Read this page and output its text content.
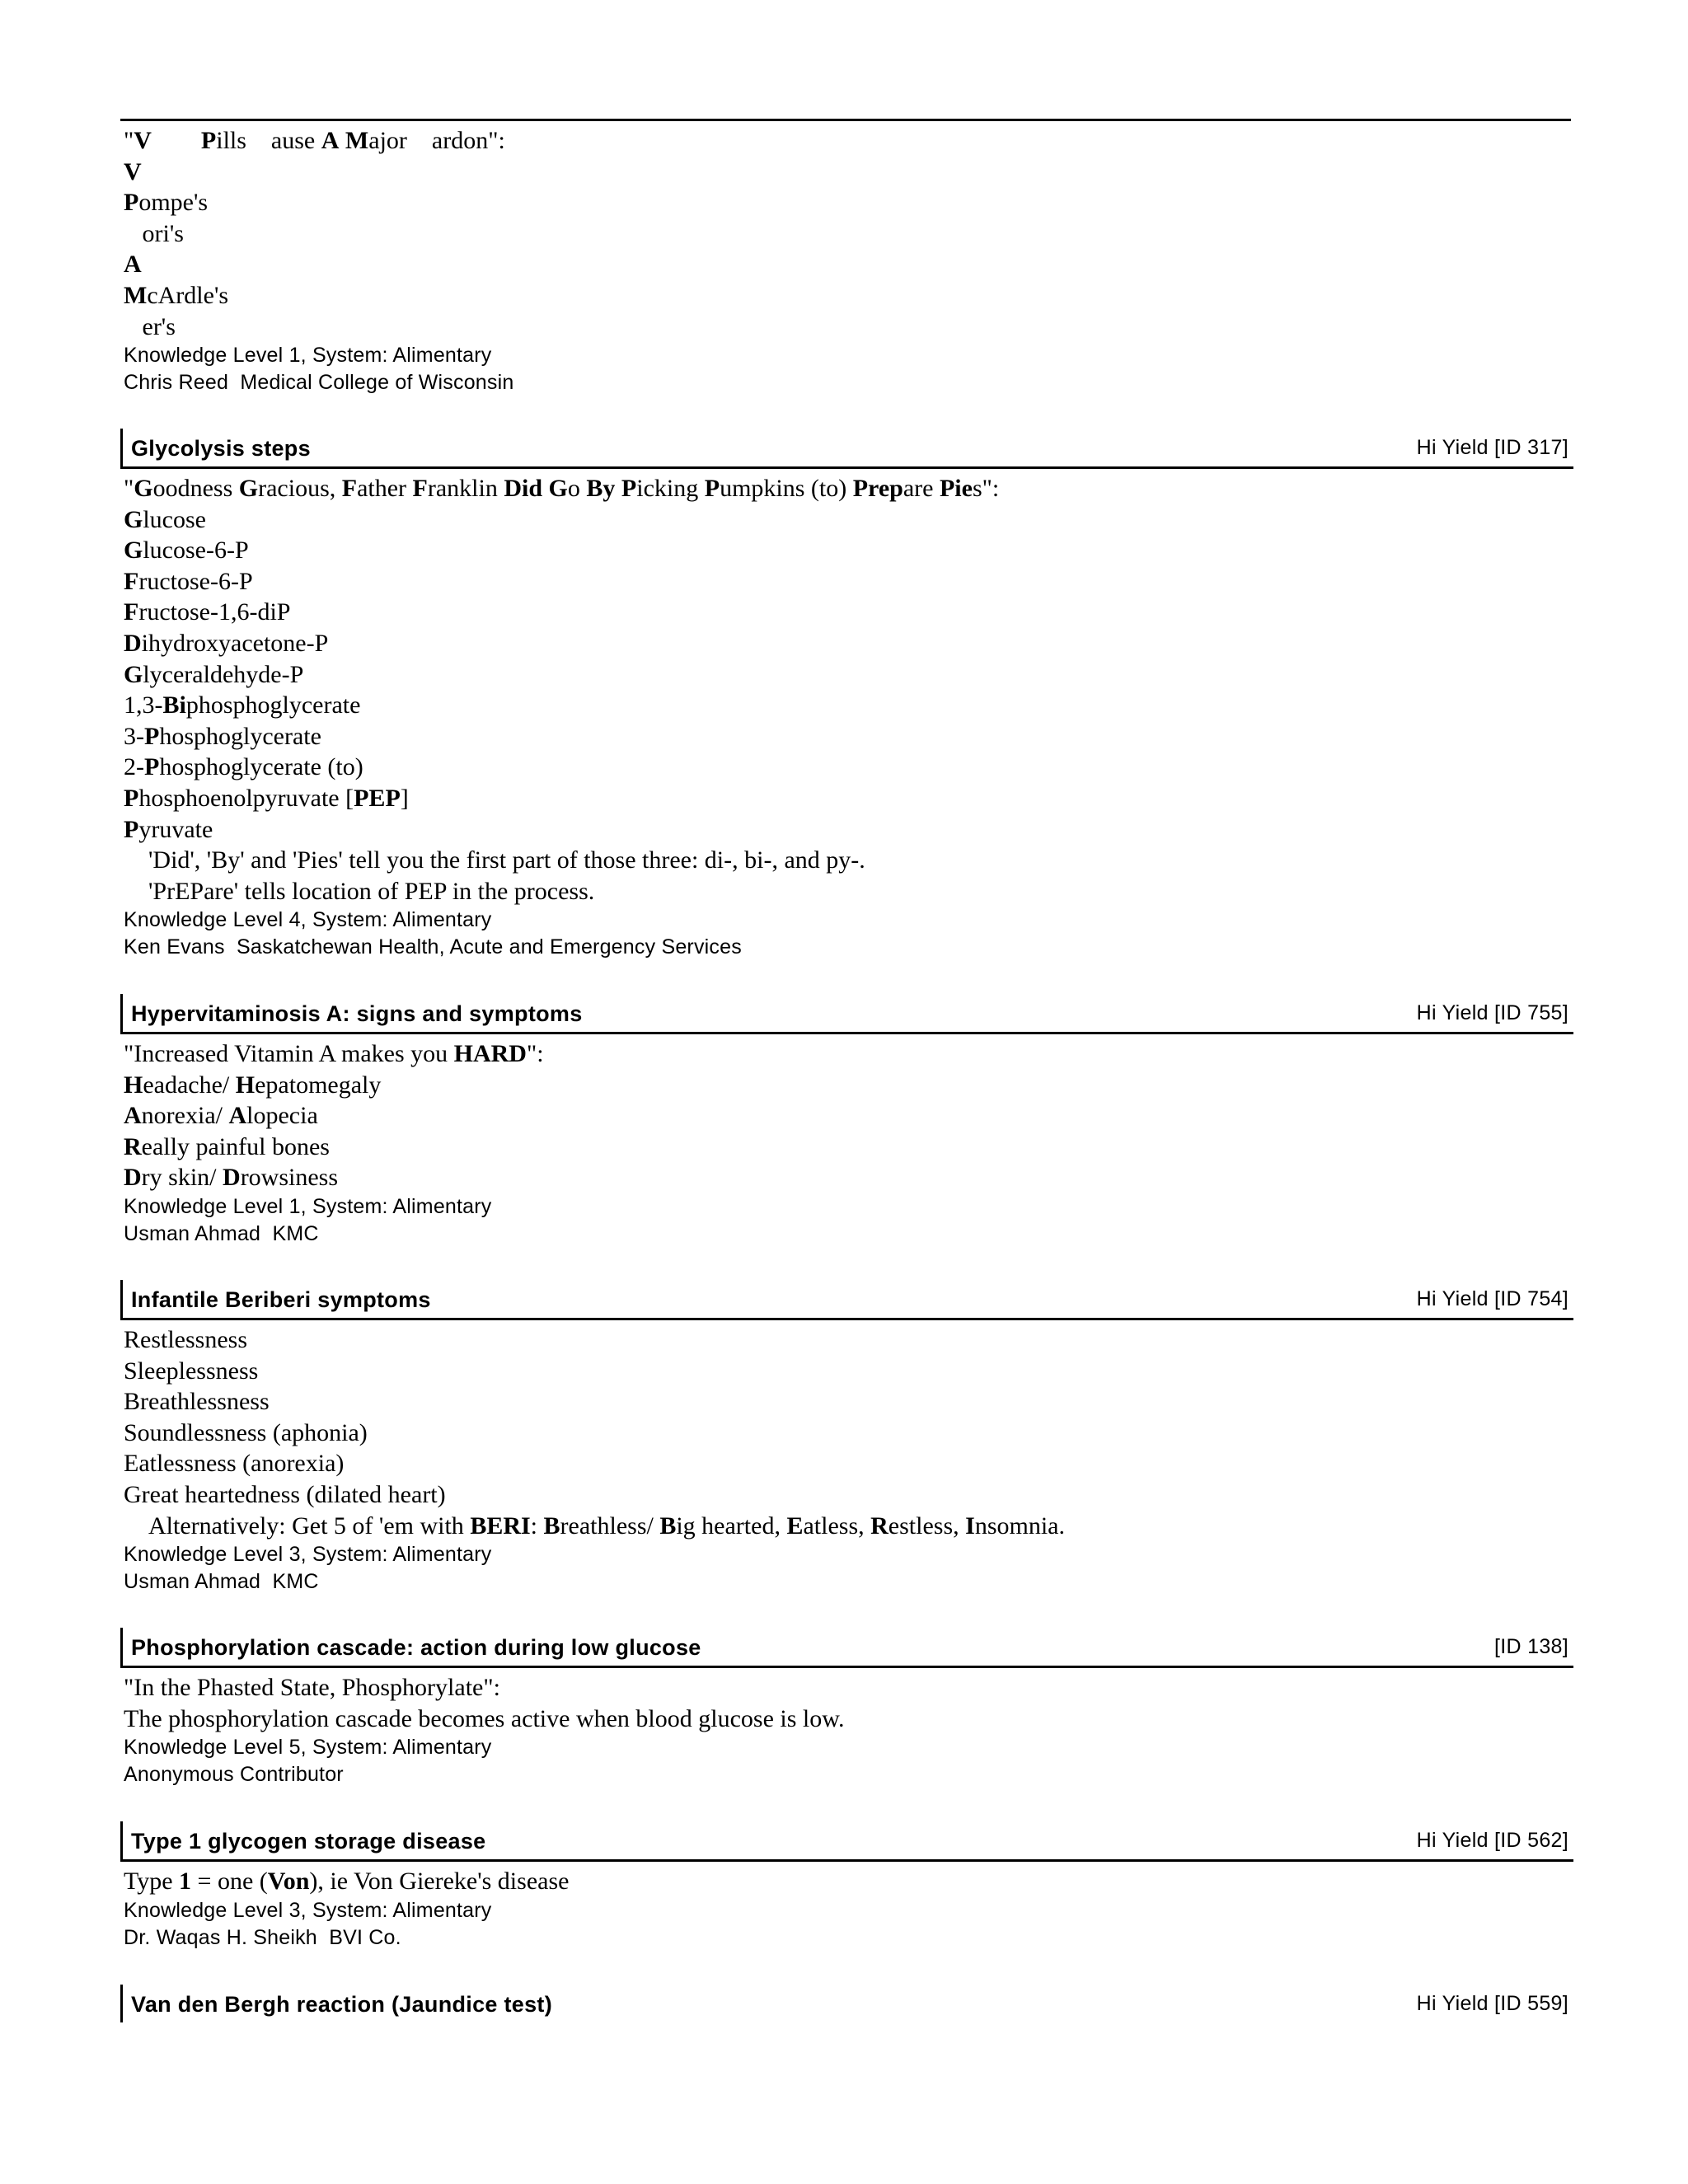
"V Pills    ause A Major    ardon":
V
Pompe's
ori's
A
McArdle's
er's
Knowledge Level 1, System: Alimentary
Chris Reed  Medical College of Wisconsin
Glycolysis steps	Hi Yield [ID 317]
"Goodness Gracious, Father Franklin Did Go By Picking Pumpkins (to) Prepare Pies":
Glucose
Glucose-6-P
Fructose-6-P
Fructose-1,6-diP
Dihydroxyacetone-P
Glyceraldehyde-P
1,3-Biphosphoglycerate
3-Phosphoglycerate
2-Phosphoglycerate (to)
Phosphoenolpyruvate [PEP]
Pyruvate
'Did', 'By' and 'Pies' tell you the first part of those three: di-, bi-, and py-.
'PrEPare' tells location of PEP in the process.
Knowledge Level 4, System: Alimentary
Ken Evans  Saskatchewan Health, Acute and Emergency Services
Hypervitaminosis A: signs and symptoms	Hi Yield [ID 755]
"Increased Vitamin A makes you HARD":
Headache/ Hepatomegaly
Anorexia/ Alopecia
Really painful bones
Dry skin/ Drowsiness
Knowledge Level 1, System: Alimentary
Usman Ahmad  KMC
Infantile Beriberi symptoms	Hi Yield [ID 754]
Restlessness
Sleeplessness
Breathlessness
Soundlessness (aphonia)
Eatlessness (anorexia)
Great heartedness (dilated heart)
Alternatively: Get 5 of 'em with BERI: Breathless/ Big hearted, Eatless, Restless, Insomnia.
Knowledge Level 3, System: Alimentary
Usman Ahmad  KMC
Phosphorylation cascade: action during low glucose	[ID 138]
"In the Phasted State, Phosphorylate":
The phosphorylation cascade becomes active when blood glucose is low.
Knowledge Level 5, System: Alimentary
Anonymous Contributor
Type 1 glycogen storage disease	Hi Yield [ID 562]
Type 1 = one (Von), ie Von Giereke's disease
Knowledge Level 3, System: Alimentary
Dr. Waqas H. Sheikh  BVI Co.
Van den Bergh reaction (Jaundice test)	Hi Yield [ID 559]
